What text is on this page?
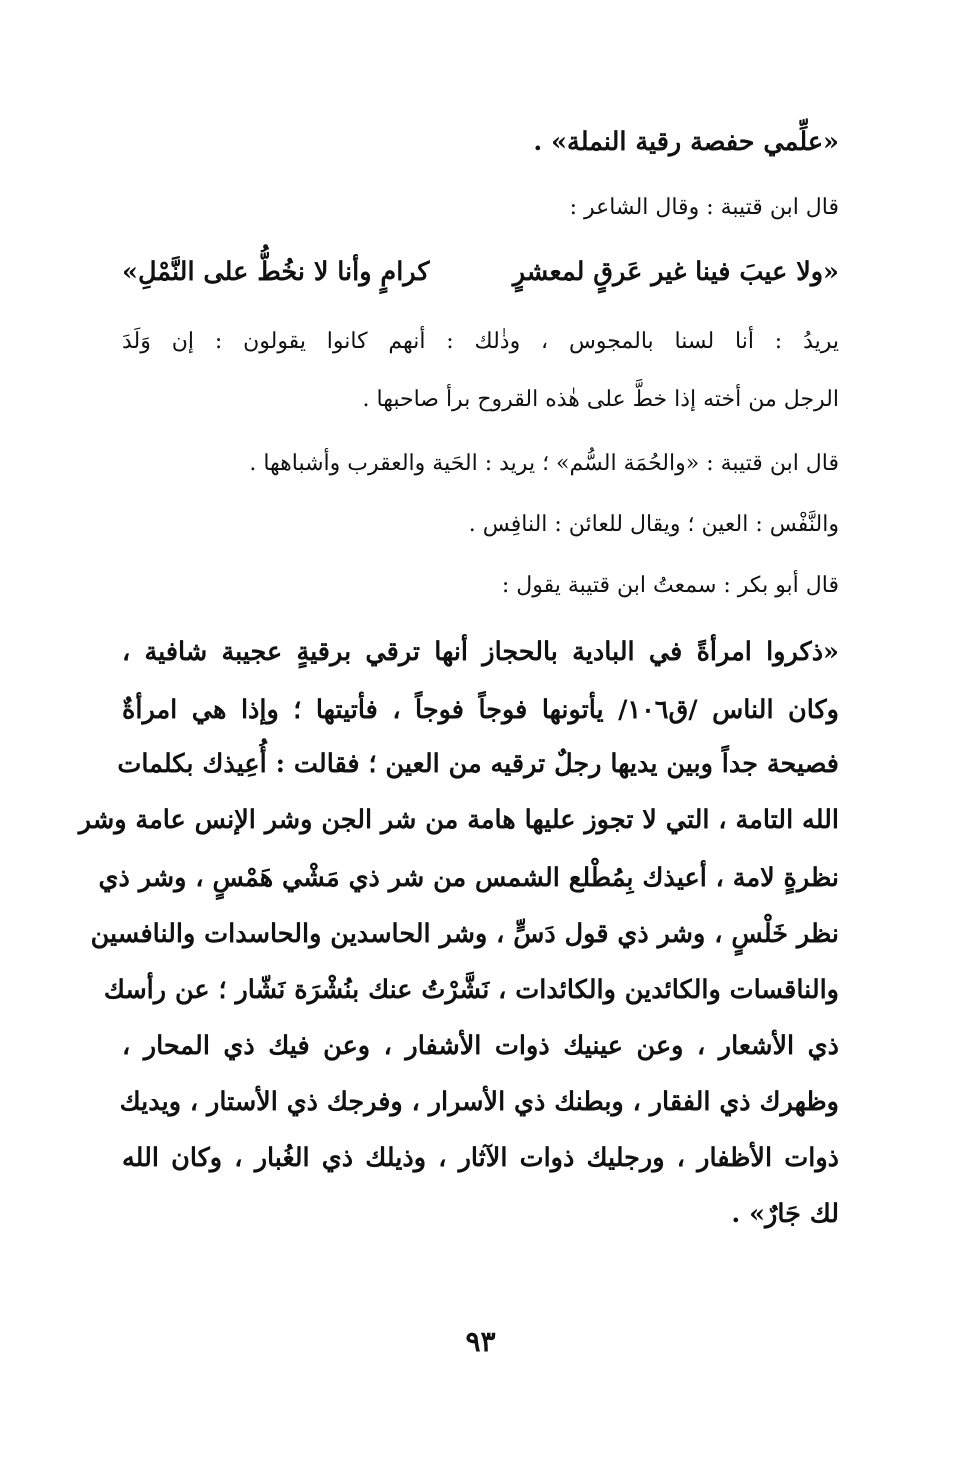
«علِّمي حفصة رقية النملة» .
قال ابن قتيبة : وقال الشاعر :
«ولا عيبَ فينا غير عَرقٍ لمعشرٍ
كرامٍ وأنا لا نخُطُّ على النَّمْلِ»
يريدُ : أنا لسنا بالمجوس ، وذٰلك : أنهم كانوا يقولون : إن وَلَدَ
الرجل من أخته إذا خطَّ على هٰذه القروح برأ صاحبها .
قال ابن قتيبة : «والحُمَة السُّم» ؛ يريد : الحَية والعقرب وأشباهها .
والنَّفْس : العين ؛ ويقال للعائن : النافِس .
قال أبو بكر : سمعتُ ابن قتيبة يقول :
«ذكروا امرأةً في البادية بالحجاز أنها ترقي برقيةٍ عجيبة شافية ،
وكان الناس /ق١٠٦/ يأتونها فوجاً فوجاً ، فأتيتها ؛ وإذا هي امرأةٌ
فصيحة جداً وبين يديها رجلٌ ترقيه من العين ؛ فقالت : أُعِيذك بكلمات
الله التامة ، التي لا تجوز عليها هامة من شر الجن وشر الإنس عامة وشر
نظرةٍ لامة ، أعيذك بِمُطْلع الشمس من شر ذي مَشْي هَمْسٍ ، وشر ذي
نظر خَلْسٍ ، وشر ذي قول دَسٍّ ، وشر الحاسدين والحاسدات والنافسين
والناقسات والكائدين والكائدات ، نَشَّرْتُ عنك بنُشْرَة نَشّار ؛ عن رأسك
ذي الأشعار ، وعن عينيك ذوات الأشفار ، وعن فيك ذي المحار ،
وظهرك ذي الفقار ، وبطنك ذي الأسرار ، وفرجك ذي الأستار ، ويديك
ذوات الأظفار ، ورجليك ذوات الآثار ، وذيلك ذي الغُبار ، وكان الله
لك جَارٌ» .
٩٣
